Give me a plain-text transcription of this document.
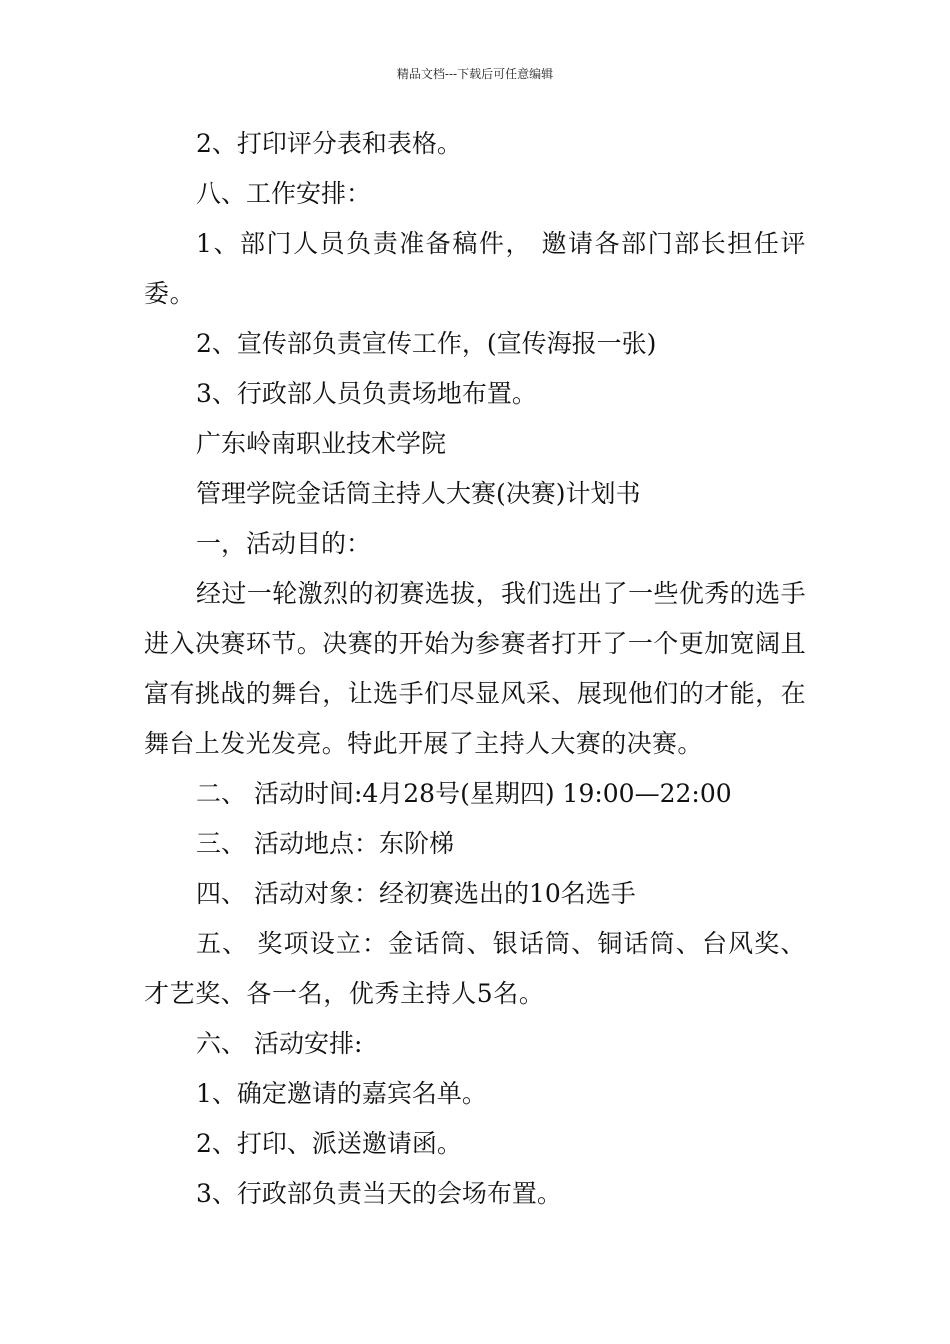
精品文档---下载后可任意编辑
2、打印评分表和表格。
八、工作安排：
1、部门人员负责准备稿件， 邀请各部门部长担任评委。
2、宣传部负责宣传工作，(宣传海报一张)
3、行政部人员负责场地布置。
广东岭南职业技术学院
管理学院金话筒主持人大赛(决赛)计划书
一，活动目的：
经过一轮激烈的初赛选拔，我们选出了一些优秀的选手进入决赛环节。决赛的开始为参赛者打开了一个更加宽阔且富有挑战的舞台，让选手们尽显风采、展现他们的才能，在舞台上发光发亮。特此开展了主持人大赛的决赛。
二、 活动时间:4月28号(星期四) 19:00—22:00
三、 活动地点：东阶梯
四、 活动对象：经初赛选出的10名选手
五、 奖项设立：金话筒、银话筒、铜话筒、台风奖、才艺奖、各一名，优秀主持人5名。
六、 活动安排:
1、确定邀请的嘉宾名单。
2、打印、派送邀请函。
3、行政部负责当天的会场布置。
